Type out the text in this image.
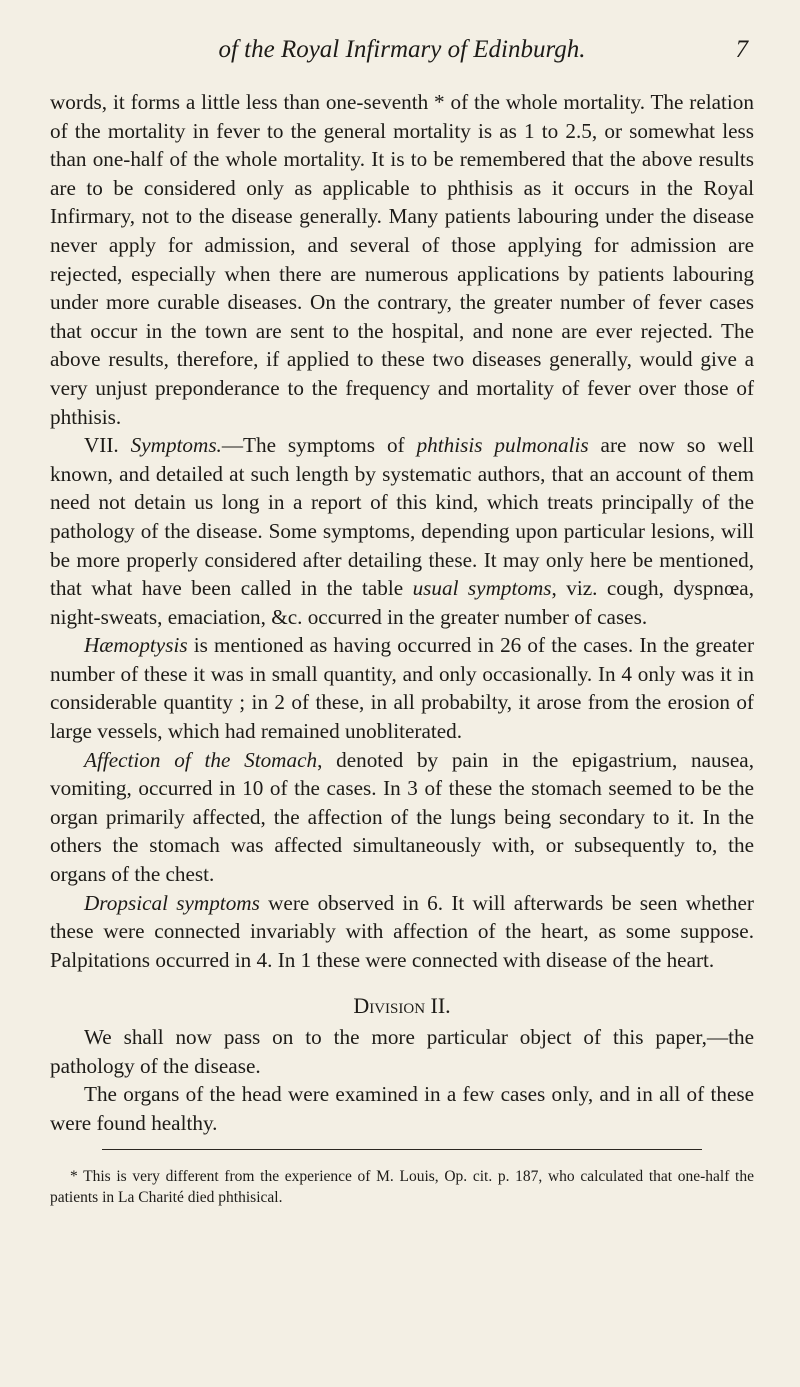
of the Royal Infirmary of Edinburgh.	7

words, it forms a little less than one-seventh * of the whole mortality. The relation of the mortality in fever to the general mortality is as 1 to 2.5, or somewhat less than one-half of the whole mortality. It is to be remembered that the above results are to be considered only as applicable to phthisis as it occurs in the Royal Infirmary, not to the disease generally. Many patients labouring under the disease never apply for admission, and several of those applying for admission are rejected, especially when there are numerous applications by patients labouring under more curable diseases. On the contrary, the greater number of fever cases that occur in the town are sent to the hospital, and none are ever rejected. The above results, therefore, if applied to these two diseases generally, would give a very unjust preponderance to the frequency and mortality of fever over those of phthisis.

VII. Symptoms.—The symptoms of phthisis pulmonalis are now so well known, and detailed at such length by systematic authors, that an account of them need not detain us long in a report of this kind, which treats principally of the pathology of the disease. Some symptoms, depending upon particular lesions, will be more properly considered after detailing these. It may only here be mentioned, that what have been called in the table usual symptoms, viz. cough, dyspnœa, night-sweats, emaciation, &c. occurred in the greater number of cases.

Hæmoptysis is mentioned as having occurred in 26 of the cases. In the greater number of these it was in small quantity, and only occasionally. In 4 only was it in considerable quantity ; in 2 of these, in all probabilty, it arose from the erosion of large vessels, which had remained unobliterated.

Affection of the Stomach, denoted by pain in the epigastrium, nausea, vomiting, occurred in 10 of the cases. In 3 of these the stomach seemed to be the organ primarily affected, the affection of the lungs being secondary to it. In the others the stomach was affected simultaneously with, or subsequently to, the organs of the chest.

Dropsical symptoms were observed in 6. It will afterwards be seen whether these were connected invariably with affection of the heart, as some suppose. Palpitations occurred in 4. In 1 these were connected with disease of the heart.

Division II.

We shall now pass on to the more particular object of this paper,—the pathology of the disease.

The organs of the head were examined in a few cases only, and in all of these were found healthy.

* This is very different from the experience of M. Louis, Op. cit. p. 187, who calculated that one-half the patients in La Charité died phthisical.
